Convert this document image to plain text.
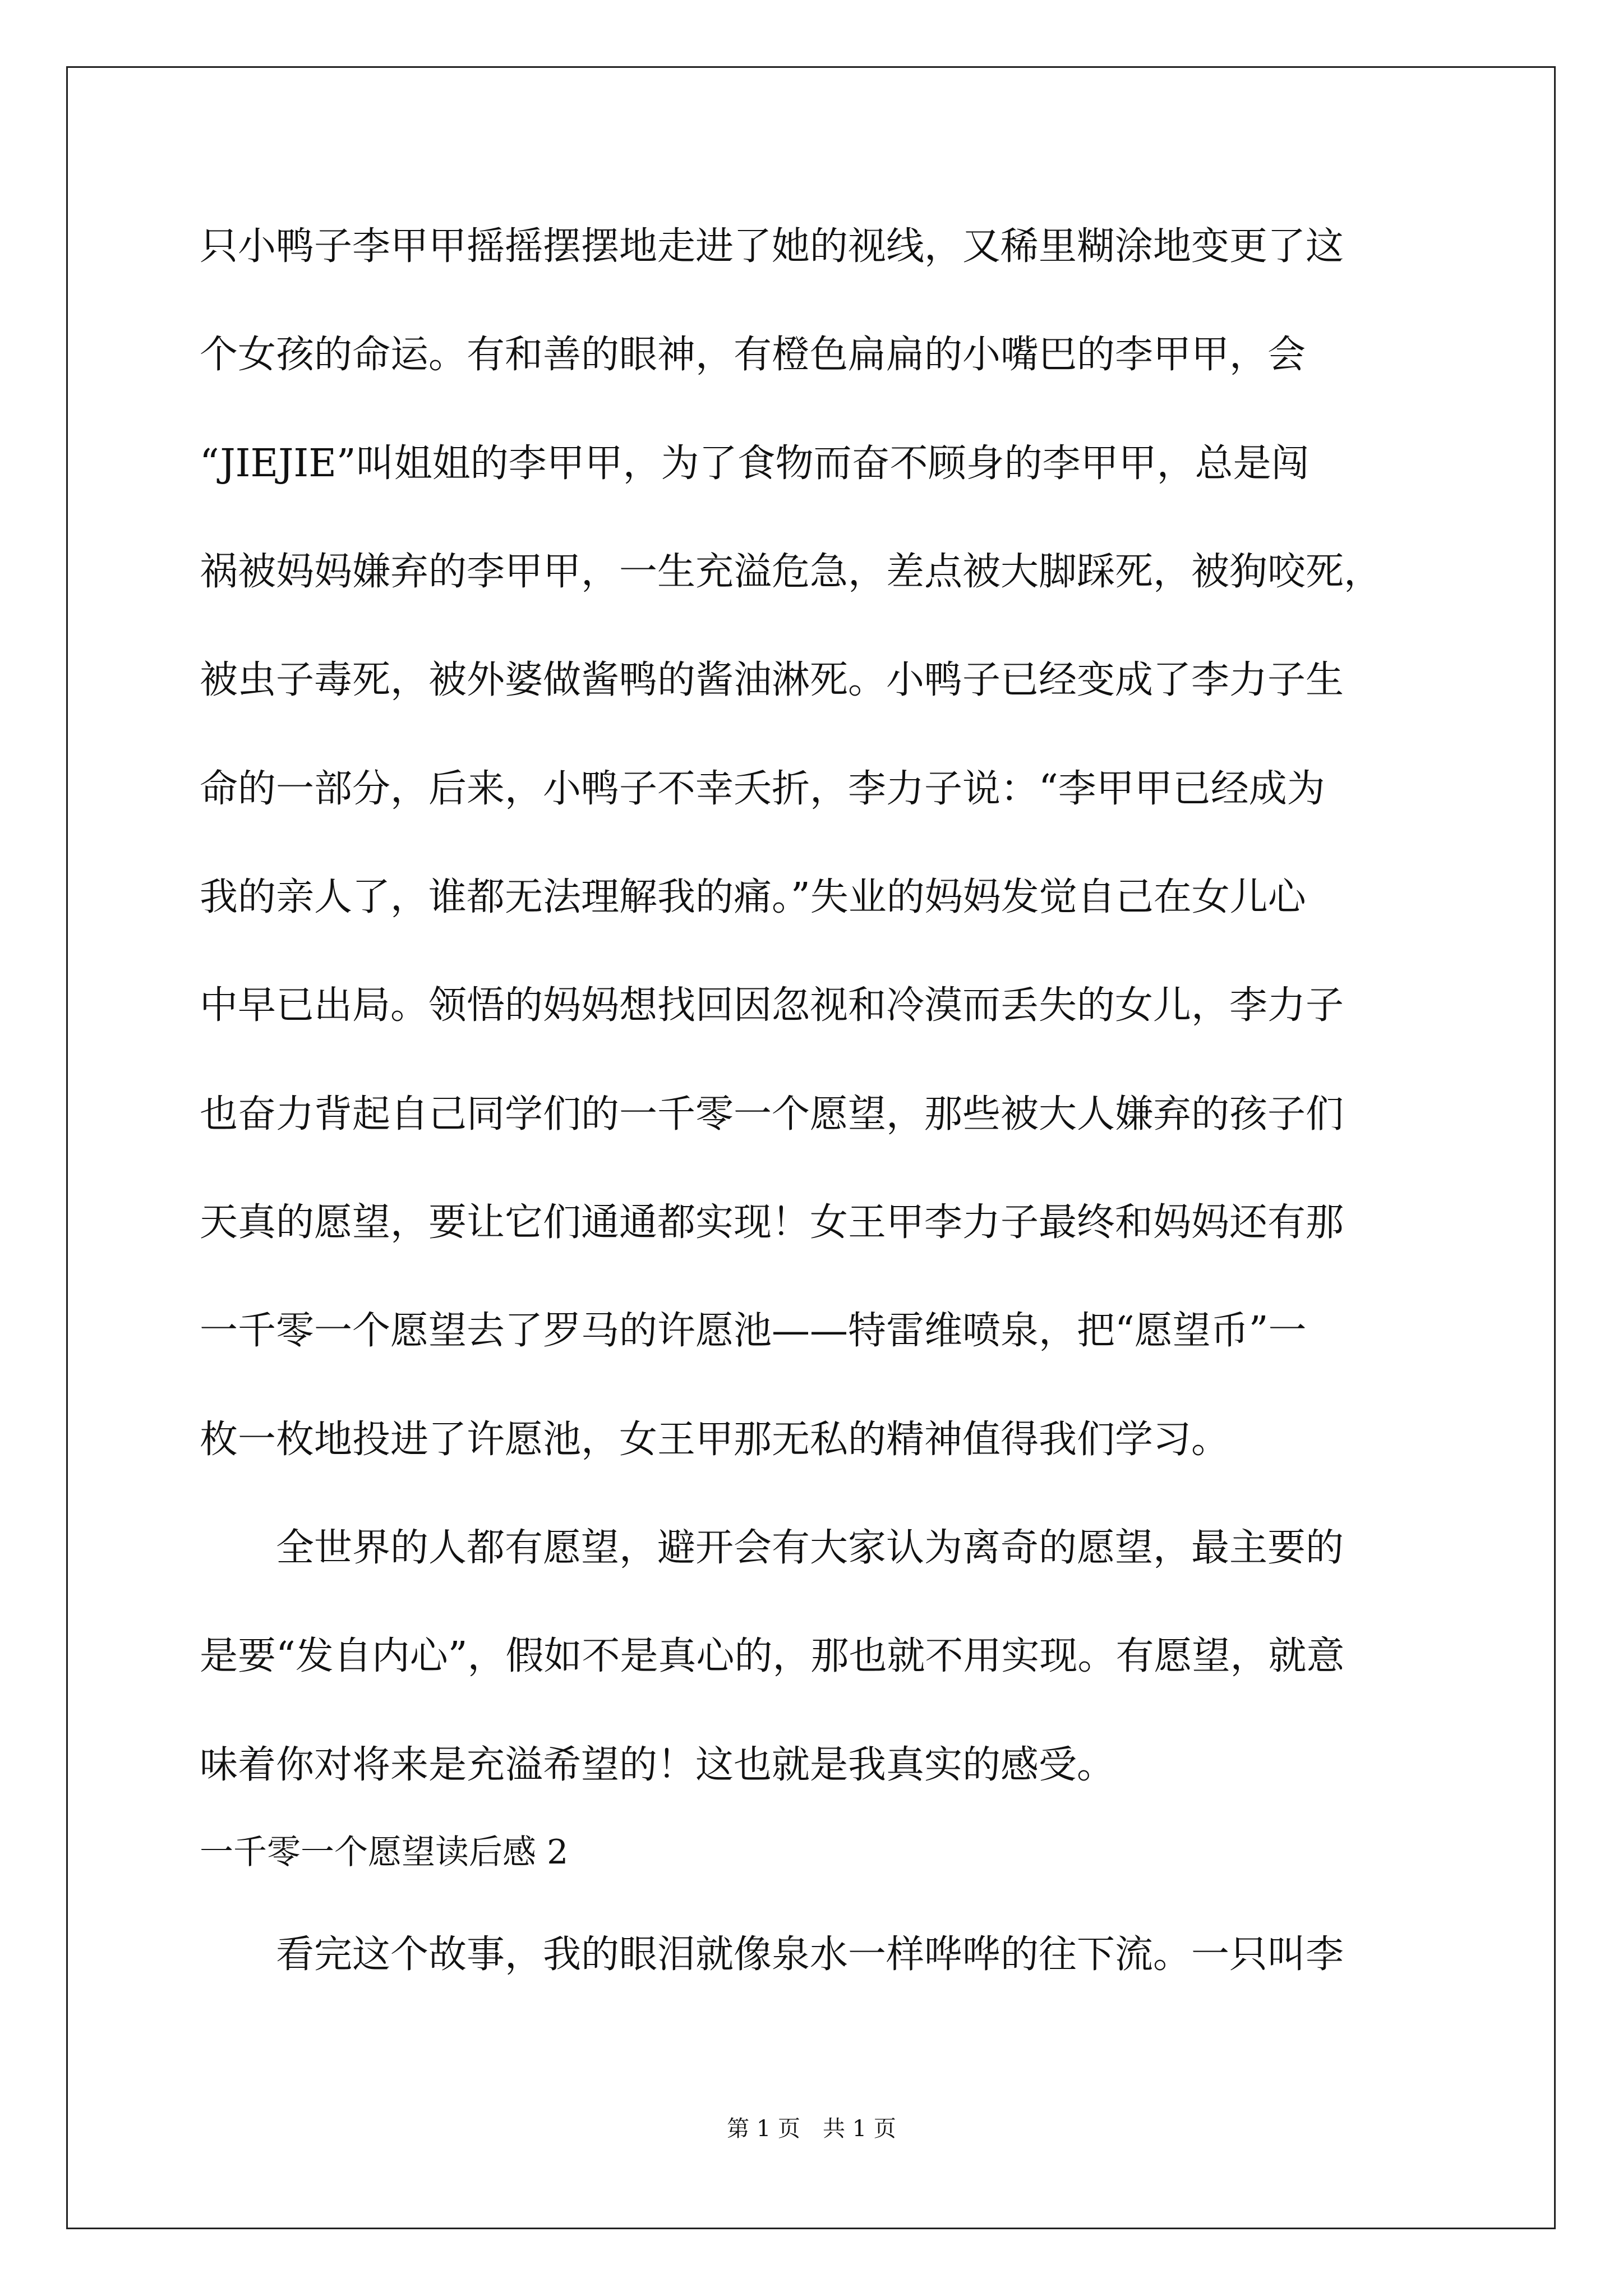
只小鸭子李甲甲摇摇摆摆地走进了她的视线，又稀里糊涂地变更了这
个女孩的命运。有和善的眼神，有橙色扁扁的小嘴巴的李甲甲，会
“JIEJIE”叫姐姐的李甲甲，为了食物而奋不顾身的李甲甲，总是闯
祸被妈妈嫌弃的李甲甲，一生充溢危急，差点被大脚踩死，被狗咬死，
被虫子毒死，被外婆做酱鸭的酱油淋死。小鸭子已经变成了李力子生
命的一部分，后来，小鸭子不幸夭折，李力子说：“李甲甲已经成为
我的亲人了，谁都无法理解我的痛。”失业的妈妈发觉自己在女儿心
中早已出局。领悟的妈妈想找回因忽视和冷漠而丢失的女儿，李力子
也奋力背起自己同学们的一千零一个愿望，那些被大人嫌弃的孩子们
天真的愿望，要让它们通通都实现！女王甲李力子最终和妈妈还有那
一千零一个愿望去了罗马的许愿池——特雷维喷泉，把“愿望币”一
枚一枚地投进了许愿池，女王甲那无私的精神值得我们学习。
　　全世界的人都有愿望，避开会有大家认为离奇的愿望，最主要的
是要“发自内心”，假如不是真心的，那也就不用实现。有愿望，就意
味着你对将来是充溢希望的！这也就是我真实的感受。
一千零一个愿望读后感 2
　　看完这个故事，我的眼泪就像泉水一样哗哗的往下流。一只叫李
第 1 页　共 1 页
